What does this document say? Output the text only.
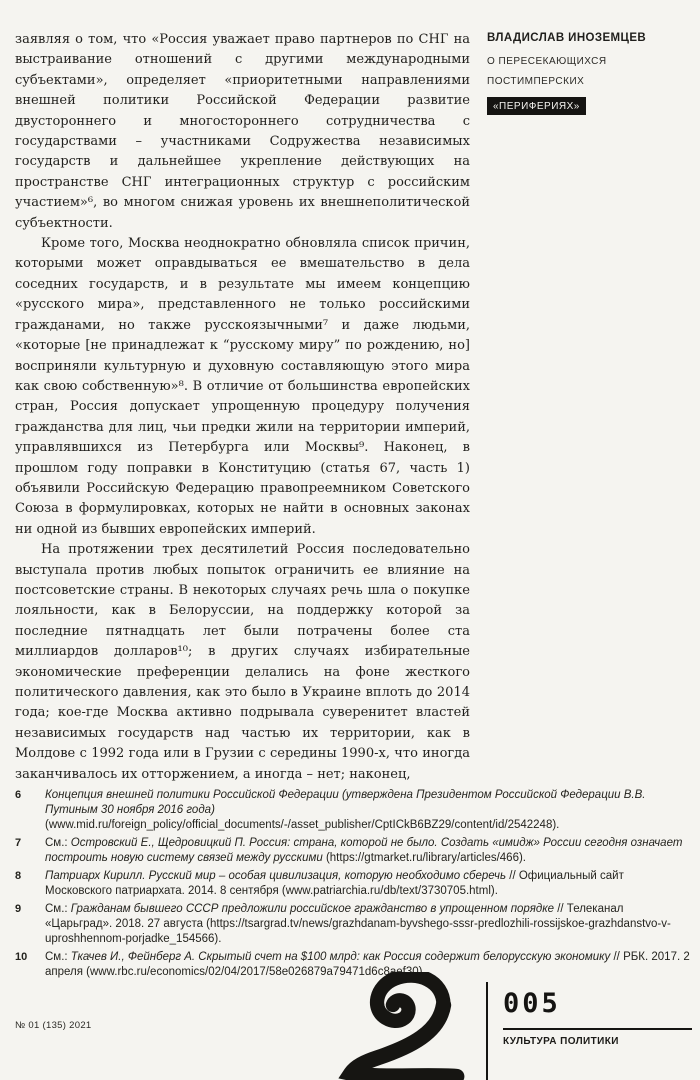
заявляя о том, что «Россия уважает право партнеров по СНГ на выстраивание отношений с другими международными субъектами», определяет «приоритетными направлениями внешней политики Российской Федерации развитие двустороннего и многостороннего сотрудничества с государствами – участниками Содружества независимых государств и дальнейшее укрепление действующих на пространстве СНГ интеграционных структур с российским участием»⁶, во многом снижая уровень их внешнеполитической субъектности.

Кроме того, Москва неоднократно обновляла список причин, которыми может оправдываться ее вмешательство в дела соседних государств, и в результате мы имеем концепцию «русского мира», представленного не только российскими гражданами, но также русскоязычными⁷ и даже людьми, «которые [не принадлежат к “русскому миру” по рождению, но] восприняли культурную и духовную составляющую этого мира как свою собственную»⁸. В отличие от большинства европейских стран, Россия допускает упрощенную процедуру получения гражданства для лиц, чьи предки жили на территории империй, управлявшихся из Петербурга или Москвы⁹. Наконец, в прошлом году поправки в Конституцию (статья 67, часть 1) объявили Российскую Федерацию правопреемником Советского Союза в формулировках, которых не найти в основных законах ни одной из бывших европейских империй.

На протяжении трех десятилетий Россия последовательно выступала против любых попыток ограничить ее влияние на постсоветские страны. В некоторых случаях речь шла о покупке лояльности, как в Белоруссии, на поддержку которой за последние пятнадцать лет были потрачены более ста миллиардов долларов¹⁰; в других случаях избирательные экономические преференции делались на фоне жесткого политического давления, как это было в Украине вплоть до 2014 года; кое-где Москва активно подрывала суверенитет властей независимых государств над частью их территории, как в Молдове с 1992 года или в Грузии с середины 1990-х, что иногда заканчивалось их отторжением, а иногда – нет; наконец,

ВЛАДИСЛАВ ИНОЗЕМЦЕВ
О ПЕРЕСЕКАЮЩИХСЯ
ПОСТИМПЕРСКИХ
«ПЕРИФЕРИЯХ»
6	Концепция внешней политики Российской Федерации (утверждена Президентом Российской Федерации В.В. Путиным 30 ноября 2016 года) (www.mid.ru/foreign_policy/official_documents/-/asset_publisher/CptICkB6BZ29/content/id/2542248).
7	См.: Островский Е., Щедровицкий П. Россия: страна, которой не было. Создать «имидж» России сегодня означает построить новую систему связей между русскими (https://gtmarket.ru/library/articles/466).
8	Патриарх Кирилл. Русский мир – особая цивилизация, которую необходимо сберечь // Официальный сайт Московского патриархата. 2014. 8 сентября (www.patriarchia.ru/db/text/3730705.html).
9	См.: Гражданам бывшего СССР предложили российское гражданство в упрощенном порядке // Телеканал «Царьград». 2018. 27 августа (https://tsargrad.tv/news/grazhdanam-byvshego-sssr-predlozhili-rossijskoe-grazhdanstvo-v-uproshhennom-porjadke_154566).
10	См.: Ткачев И., Фейнберг А. Скрытый счет на $100 млрд: как Россия содержит белорусскую экономику // РБК. 2017. 2 апреля (www.rbc.ru/economics/02/04/2017/58e026879a79471d6c8aef30).
№ 01 (135) 2021
005
КУЛЬТУРА ПОЛИТИКИ
